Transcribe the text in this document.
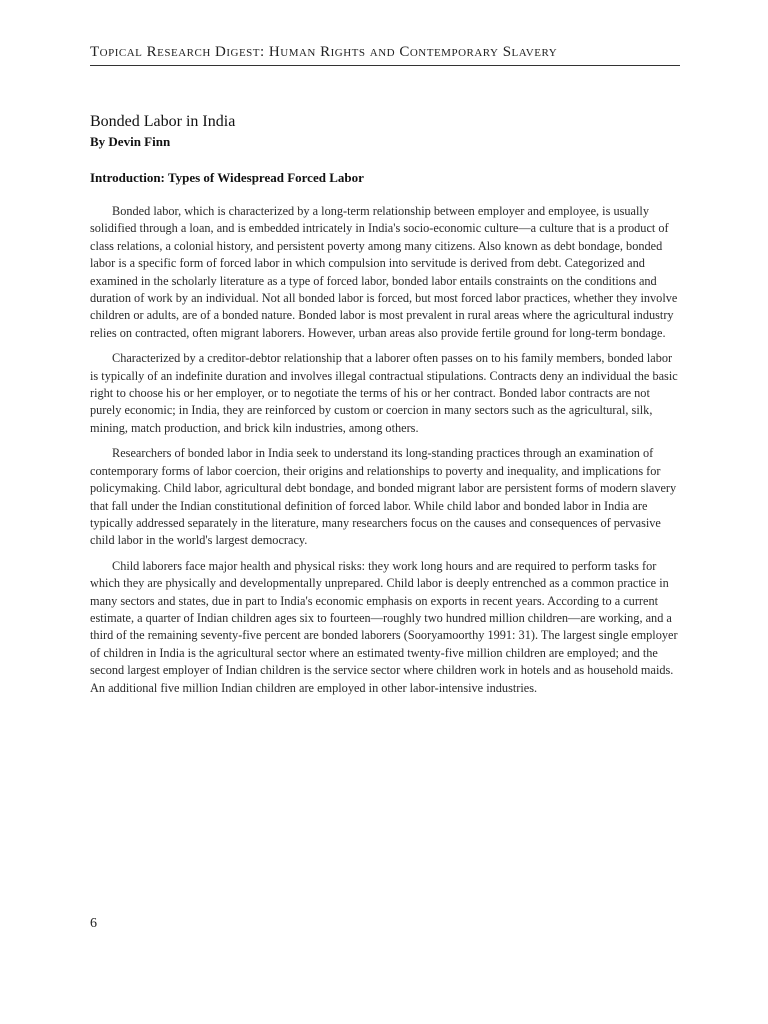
Topical Research Digest: Human Rights and Contemporary Slavery
Bonded Labor in India
By Devin Finn
Introduction: Types of Widespread Forced Labor

Bonded labor, which is characterized by a long-term relationship between employer and employee, is usually solidified through a loan, and is embedded intricately in India's socio-economic culture—a culture that is a product of class relations, a colonial history, and persistent poverty among many citizens. Also known as debt bondage, bonded labor is a specific form of forced labor in which compulsion into servitude is derived from debt. Categorized and examined in the scholarly literature as a type of forced labor, bonded labor entails constraints on the conditions and duration of work by an individual. Not all bonded labor is forced, but most forced labor practices, whether they involve children or adults, are of a bonded nature. Bonded labor is most prevalent in rural areas where the agricultural industry relies on contracted, often migrant laborers. However, urban areas also provide fertile ground for long-term bondage.

Characterized by a creditor-debtor relationship that a laborer often passes on to his family members, bonded labor is typically of an indefinite duration and involves illegal contractual stipulations. Contracts deny an individual the basic right to choose his or her employer, or to negotiate the terms of his or her contract. Bonded labor contracts are not purely economic; in India, they are reinforced by custom or coercion in many sectors such as the agricultural, silk, mining, match production, and brick kiln industries, among others.

Researchers of bonded labor in India seek to understand its long-standing practices through an examination of contemporary forms of labor coercion, their origins and relationships to poverty and inequality, and implications for policymaking. Child labor, agricultural debt bondage, and bonded migrant labor are persistent forms of modern slavery that fall under the Indian constitutional definition of forced labor. While child labor and bonded labor in India are typically addressed separately in the literature, many researchers focus on the causes and consequences of pervasive child labor in the world's largest democracy.

Child laborers face major health and physical risks: they work long hours and are required to perform tasks for which they are physically and developmentally unprepared. Child labor is deeply entrenched as a common practice in many sectors and states, due in part to India's economic emphasis on exports in recent years. According to a current estimate, a quarter of Indian children ages six to fourteen—roughly two hundred million children—are working, and a third of the remaining seventy-five percent are bonded laborers (Sooryamoorthy 1991: 31). The largest single employer of children in India is the agricultural sector where an estimated twenty-five million children are employed; and the second largest employer of Indian children is the service sector where children work in hotels and as household maids. An additional five million Indian children are employed in other labor-intensive industries.

6
